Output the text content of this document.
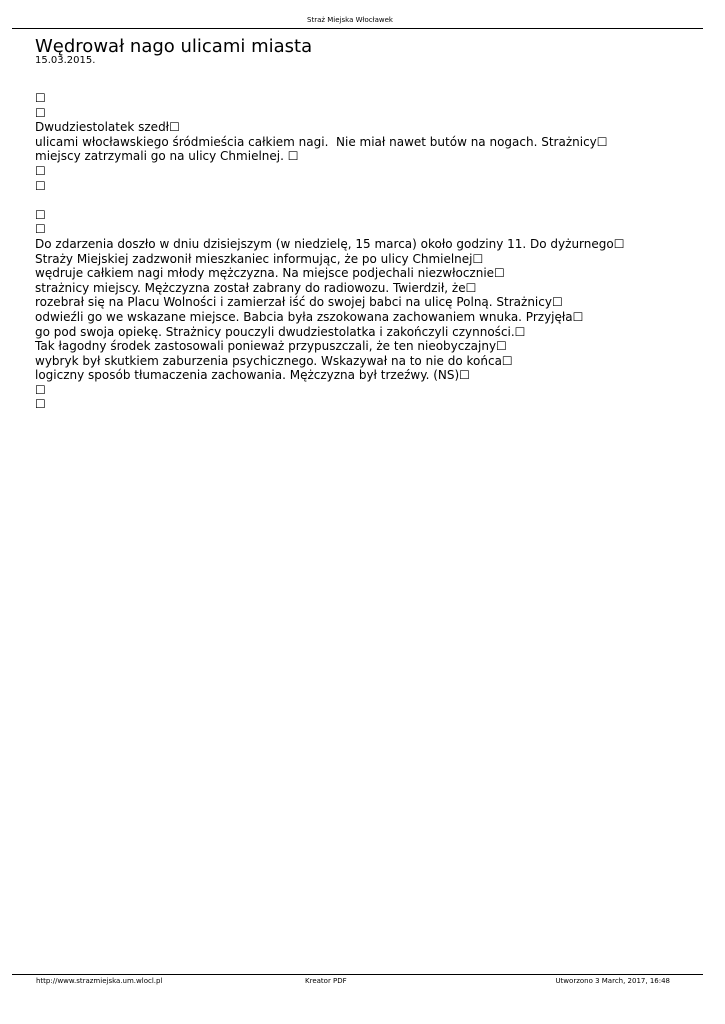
Straż Miejska Włocławek
Wędrował nago ulicami miasta
15.03.2015.
☐
☐
Dwudziestolatek szedł☐
ulicami włocławskiego śródmieścia całkiem nagi.  Nie miał nawet butów na nogach. Strażnicy☐
miejscy zatrzymali go na ulicy Chmielnej. ☐
☐
☐
☐
☐
Do zdarzenia doszło w dniu dzisiejszym (w niedzielę, 15 marca) około godziny 11. Do dyżurnego☐
Straży Miejskiej zadzwonił mieszkaniec informując, że po ulicy Chmielnej☐
wędruje całkiem nagi młody mężczyzna. Na miejsce podjechali niezwłocznie☐
strażnicy miejscy. Mężczyzna został zabrany do radiowozu. Twierdził, że☐
rozebrał się na Placu Wolności i zamierzał iść do swojej babci na ulicę Polną. Strażnicy☐
odwieźli go we wskazane miejsce. Babcia była zszokowana zachowaniem wnuka. Przyjęła☐
go pod swoja opiekę. Strażnicy pouczyli dwudziestolatka i zakończyli czynności.☐
Tak łagodny środek zastosowali ponieważ przypuszczali, że ten nieobyczajny☐
wybryk był skutkiem zaburzenia psychicznego. Wskazywał na to nie do końca☐
logiczny sposób tłumaczenia zachowania. Mężczyzna był trzeźwy. (NS)☐
☐
☐
http://www.strazmiejska.um.wlocl.pl	Kreator PDF	Utworzono 3 March, 2017, 16:48
